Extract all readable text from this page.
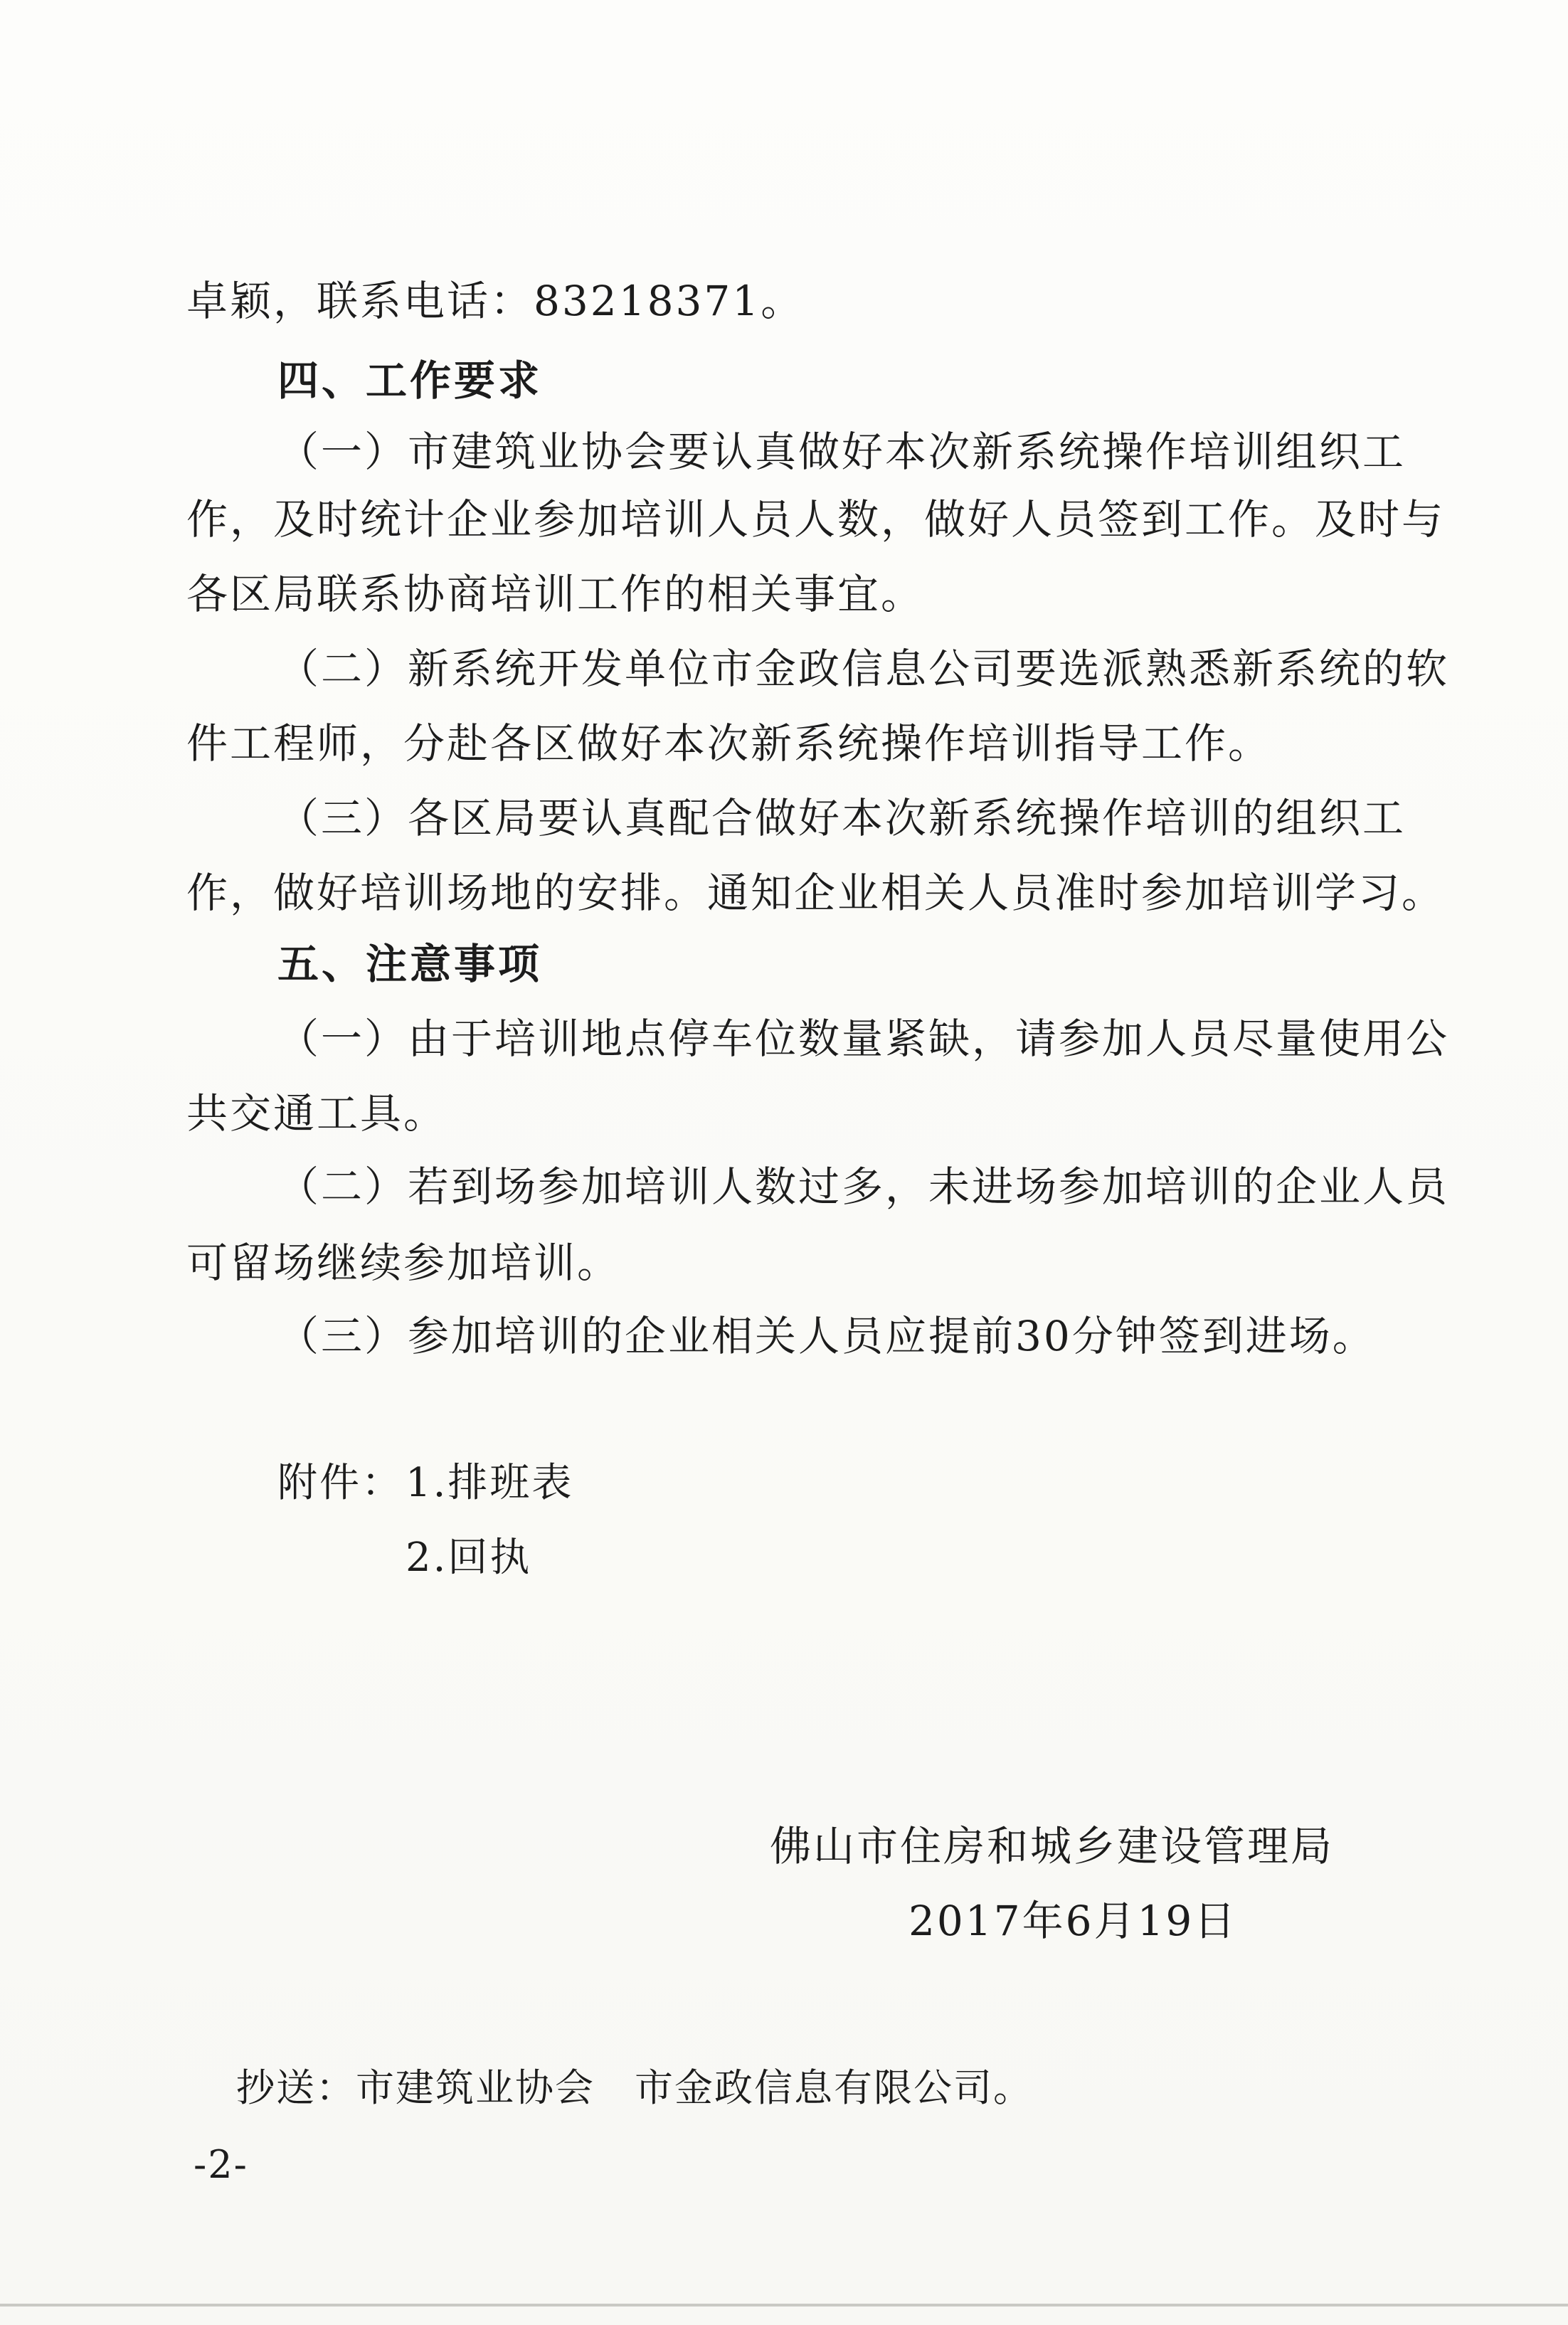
卓颖，联系电话：83218371。
四、工作要求
（一）市建筑业协会要认真做好本次新系统操作培训组织工
作，及时统计企业参加培训人员人数，做好人员签到工作。及时与
各区局联系协商培训工作的相关事宜。
（二）新系统开发单位市金政信息公司要选派熟悉新系统的软
件工程师，分赴各区做好本次新系统操作培训指导工作。
（三）各区局要认真配合做好本次新系统操作培训的组织工
作，做好培训场地的安排。通知企业相关人员准时参加培训学习。
五、注意事项
（一）由于培训地点停车位数量紧缺，请参加人员尽量使用公
共交通工具。
（二）若到场参加培训人数过多，未进场参加培训的企业人员
可留场继续参加培训。
（三）参加培训的企业相关人员应提前30分钟签到进场。
附件： 1.排班表
2.回执
佛山市住房和城乡建设管理局
2017年6月19日
抄送：市建筑业协会　市金政信息有限公司。
-2-
